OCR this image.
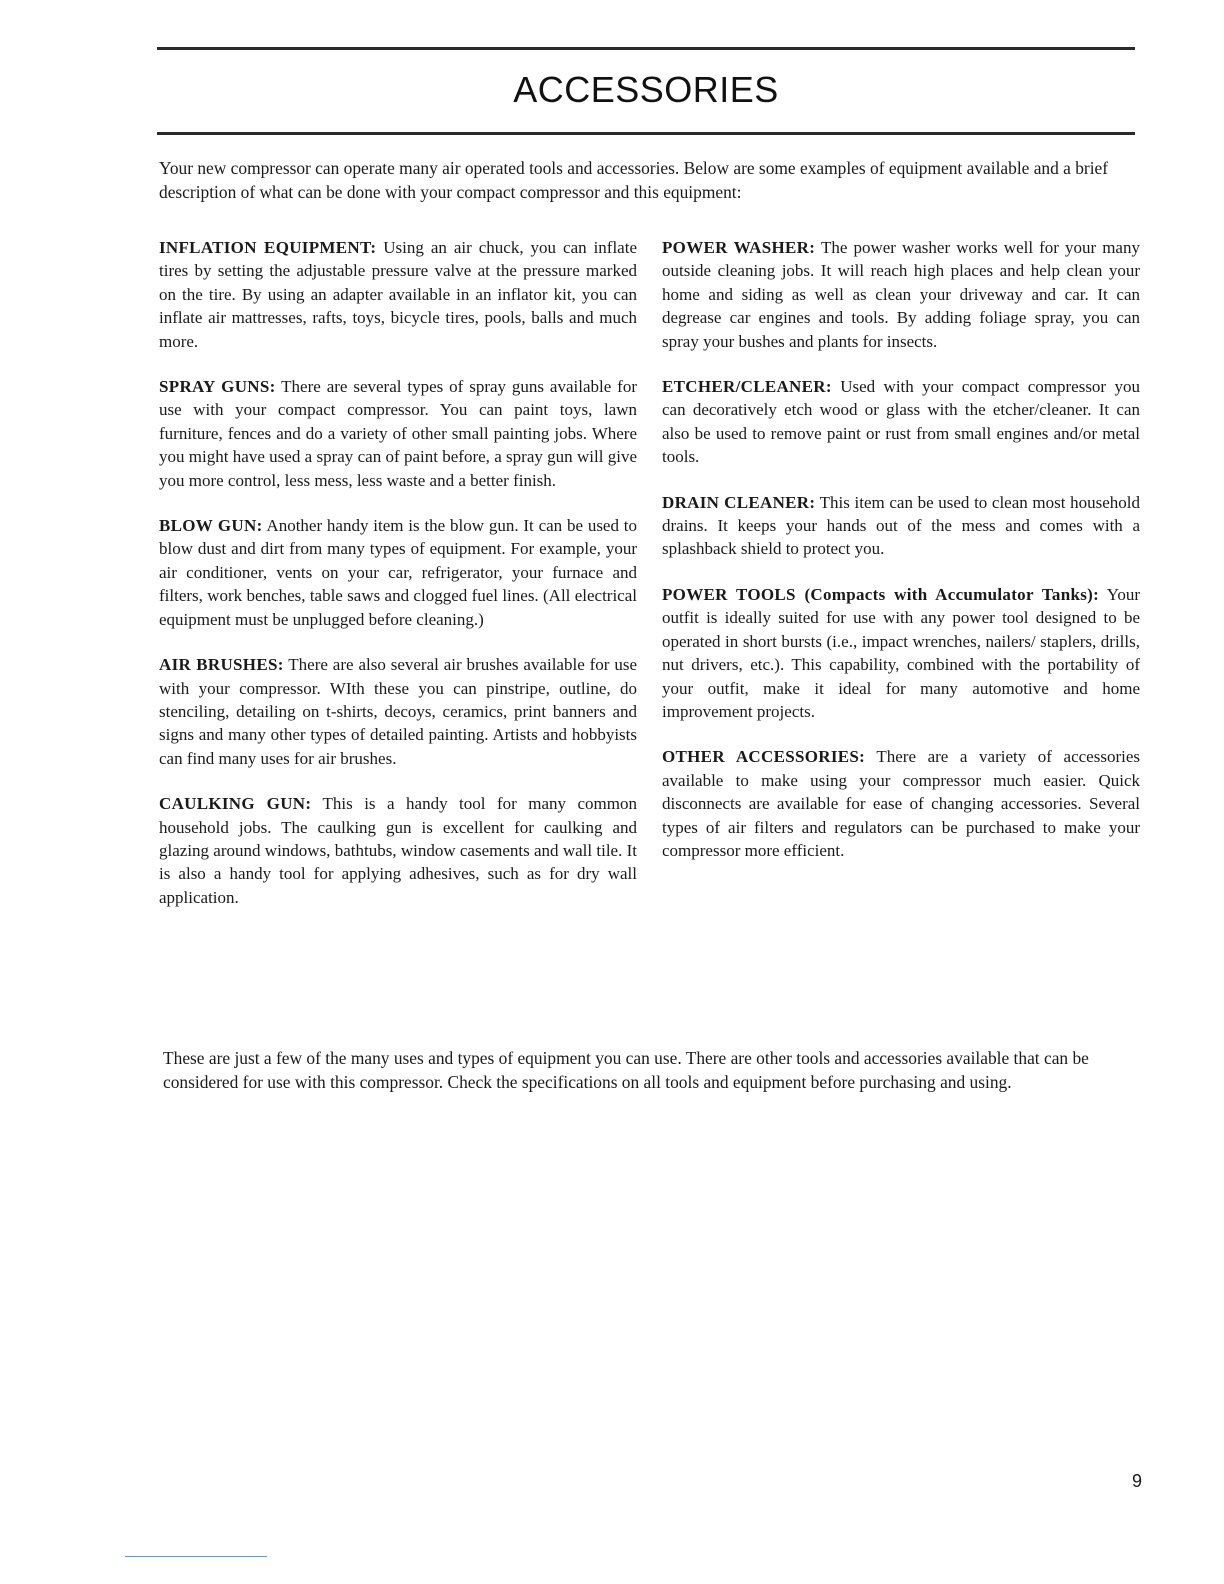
ACCESSORIES

Your new compressor can operate many air operated tools and accessories. Below are some examples of equipment available and a brief description of what can be done with your compact compressor and this equipment:

INFLATION EQUIPMENT: Using an air chuck, you can inflate tires by setting the adjustable pressure valve at the pressure marked on the tire. By using an adapter available in an inflator kit, you can inflate air mattresses, rafts, toys, bicycle tires, pools, balls and much more.

SPRAY GUNS: There are several types of spray guns available for use with your compact compressor. You can paint toys, lawn furniture, fences and do a variety of other small painting jobs. Where you might have used a spray can of paint before, a spray gun will give you more control, less mess, less waste and a better finish.

BLOW GUN: Another handy item is the blow gun. It can be used to blow dust and dirt from many types of equipment. For example, your air conditioner, vents on your car, refrigerator, your furnace and filters, work benches, table saws and clogged fuel lines. (All electrical equipment must be unplugged before cleaning.)

AIR BRUSHES: There are also several air brushes available for use with your compressor. WIth these you can pinstripe, outline, do stenciling, detailing on t-shirts, decoys, ceramics, print banners and signs and many other types of detailed painting. Artists and hobbyists can find many uses for air brushes.

CAULKING GUN: This is a handy tool for many common household jobs. The caulking gun is excellent for caulking and glazing around windows, bathtubs, window casements and wall tile. It is also a handy tool for applying adhesives, such as for dry wall application.

POWER WASHER: The power washer works well for your many outside cleaning jobs. It will reach high places and help clean your home and siding as well as clean your driveway and car. It can degrease car engines and tools. By adding foliage spray, you can spray your bushes and plants for insects.

ETCHER/CLEANER: Used with your compact compressor you can decoratively etch wood or glass with the etcher/cleaner. It can also be used to remove paint or rust from small engines and/or metal tools.

DRAIN CLEANER: This item can be used to clean most household drains. It keeps your hands out of the mess and comes with a splashback shield to protect you.

POWER TOOLS (Compacts with Accumulator Tanks): Your outfit is ideally suited for use with any power tool designed to be operated in short bursts (i.e., impact wrenches, nailers/ staplers, drills, nut drivers, etc.). This capability, combined with the portability of your outfit, make it ideal for many automotive and home improvement projects.

OTHER ACCESSORIES: There are a variety of accessories available to make using your compressor much easier. Quick disconnects are available for ease of changing accessories. Several types of air filters and regulators can be purchased to make your compressor more efficient.

These are just a few of the many uses and types of equipment you can use. There are other tools and accessories available that can be considered for use with this compressor. Check the specifications on all tools and equipment before purchasing and using.

9
